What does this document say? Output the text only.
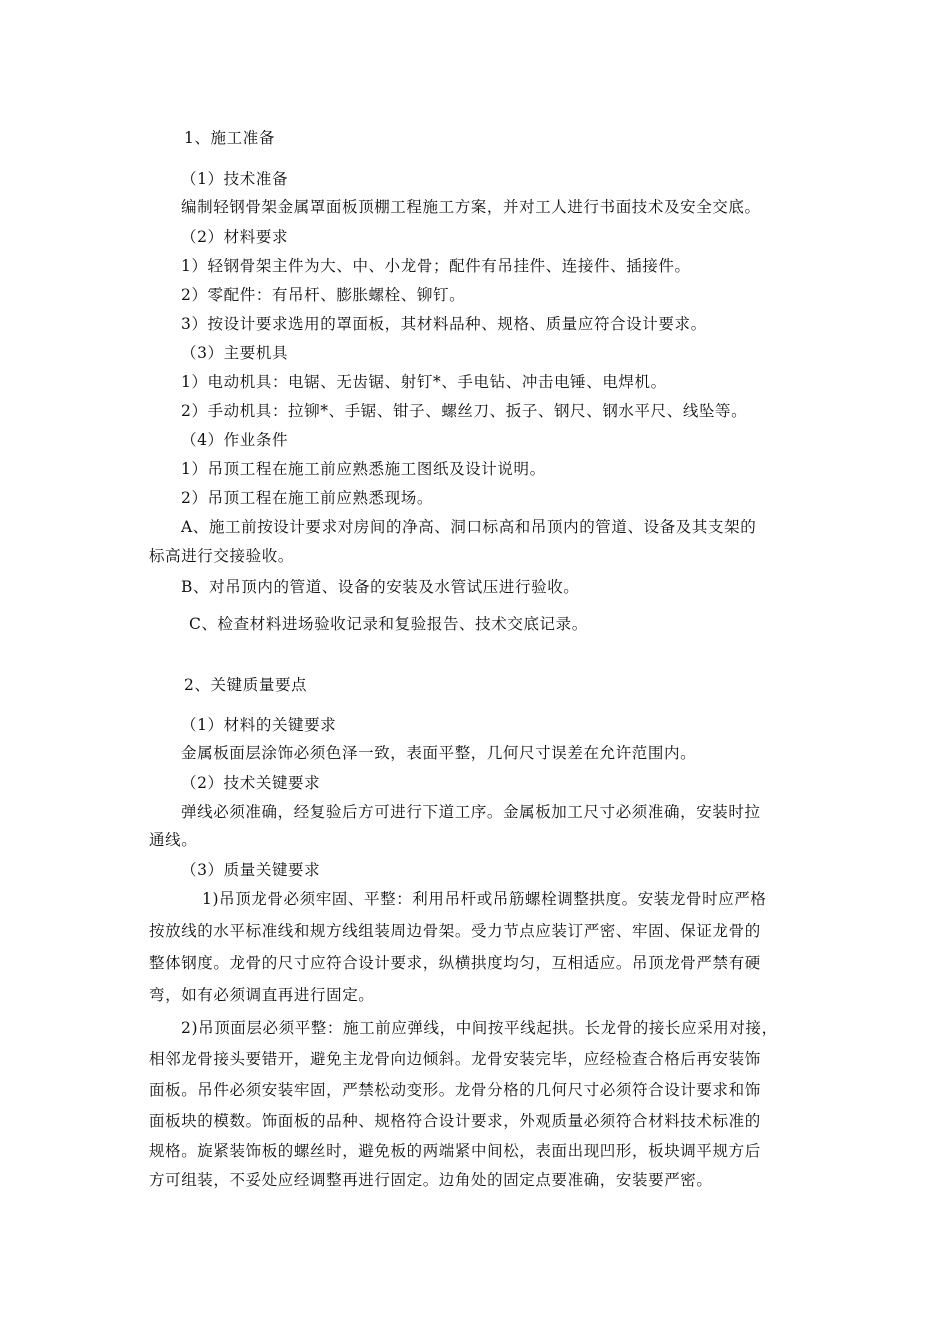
1、施工准备

（1）技术准备

编制轻钢骨架金属罩面板顶棚工程施工方案，并对工人进行书面技术及安全交底。

（2）材料要求

1）轻钢骨架主件为大、中、小龙骨；配件有吊挂件、连接件、插接件。

2）零配件：有吊杆、膨胀螺栓、铆钉。

3）按设计要求选用的罩面板，其材料品种、规格、质量应符合设计要求。

（3）主要机具

1）电动机具：电锯、无齿锯、射钉*、手电钻、冲击电锤、电焊机。

2）手动机具：拉铆*、手锯、钳子、螺丝刀、扳子、钢尺、钢水平尺、线坠等。

（4）作业条件

1）吊顶工程在施工前应熟悉施工图纸及设计说明。

2）吊顶工程在施工前应熟悉现场。

A、施工前按设计要求对房间的净高、洞口标高和吊顶内的管道、设备及其支架的

标高进行交接验收。

B、对吊顶内的管道、设备的安装及水管试压进行验收。

C、检查材料进场验收记录和复验报告、技术交底记录。

2、关键质量要点

（1）材料的关键要求

金属板面层涂饰必须色泽一致，表面平整，几何尺寸误差在允许范围内。

（2）技术关键要求

弹线必须准确，经复验后方可进行下道工序。金属板加工尺寸必须准确，安装时拉

通线。

（3）质量关键要求

1)吊顶龙骨必须牢固、平整：利用吊杆或吊筋螺栓调整拱度。安装龙骨时应严格

按放线的水平标准线和规方线组装周边骨架。受力节点应装订严密、牢固、保证龙骨的

整体钢度。龙骨的尺寸应符合设计要求，纵横拱度均匀，互相适应。吊顶龙骨严禁有硬

弯，如有必须调直再进行固定。

2)吊顶面层必须平整：施工前应弹线，中间按平线起拱。长龙骨的接长应采用对接，

相邻龙骨接头要错开，避免主龙骨向边倾斜。龙骨安装完毕，应经检查合格后再安装饰

面板。吊件必须安装牢固，严禁松动变形。龙骨分格的几何尺寸必须符合设计要求和饰

面板块的模数。饰面板的品种、规格符合设计要求，外观质量必须符合材料技术标准的

规格。旋紧装饰板的螺丝时，避免板的两端紧中间松，表面出现凹形，板块调平规方后

方可组装，不妥处应经调整再进行固定。边角处的固定点要准确，安装要严密。
